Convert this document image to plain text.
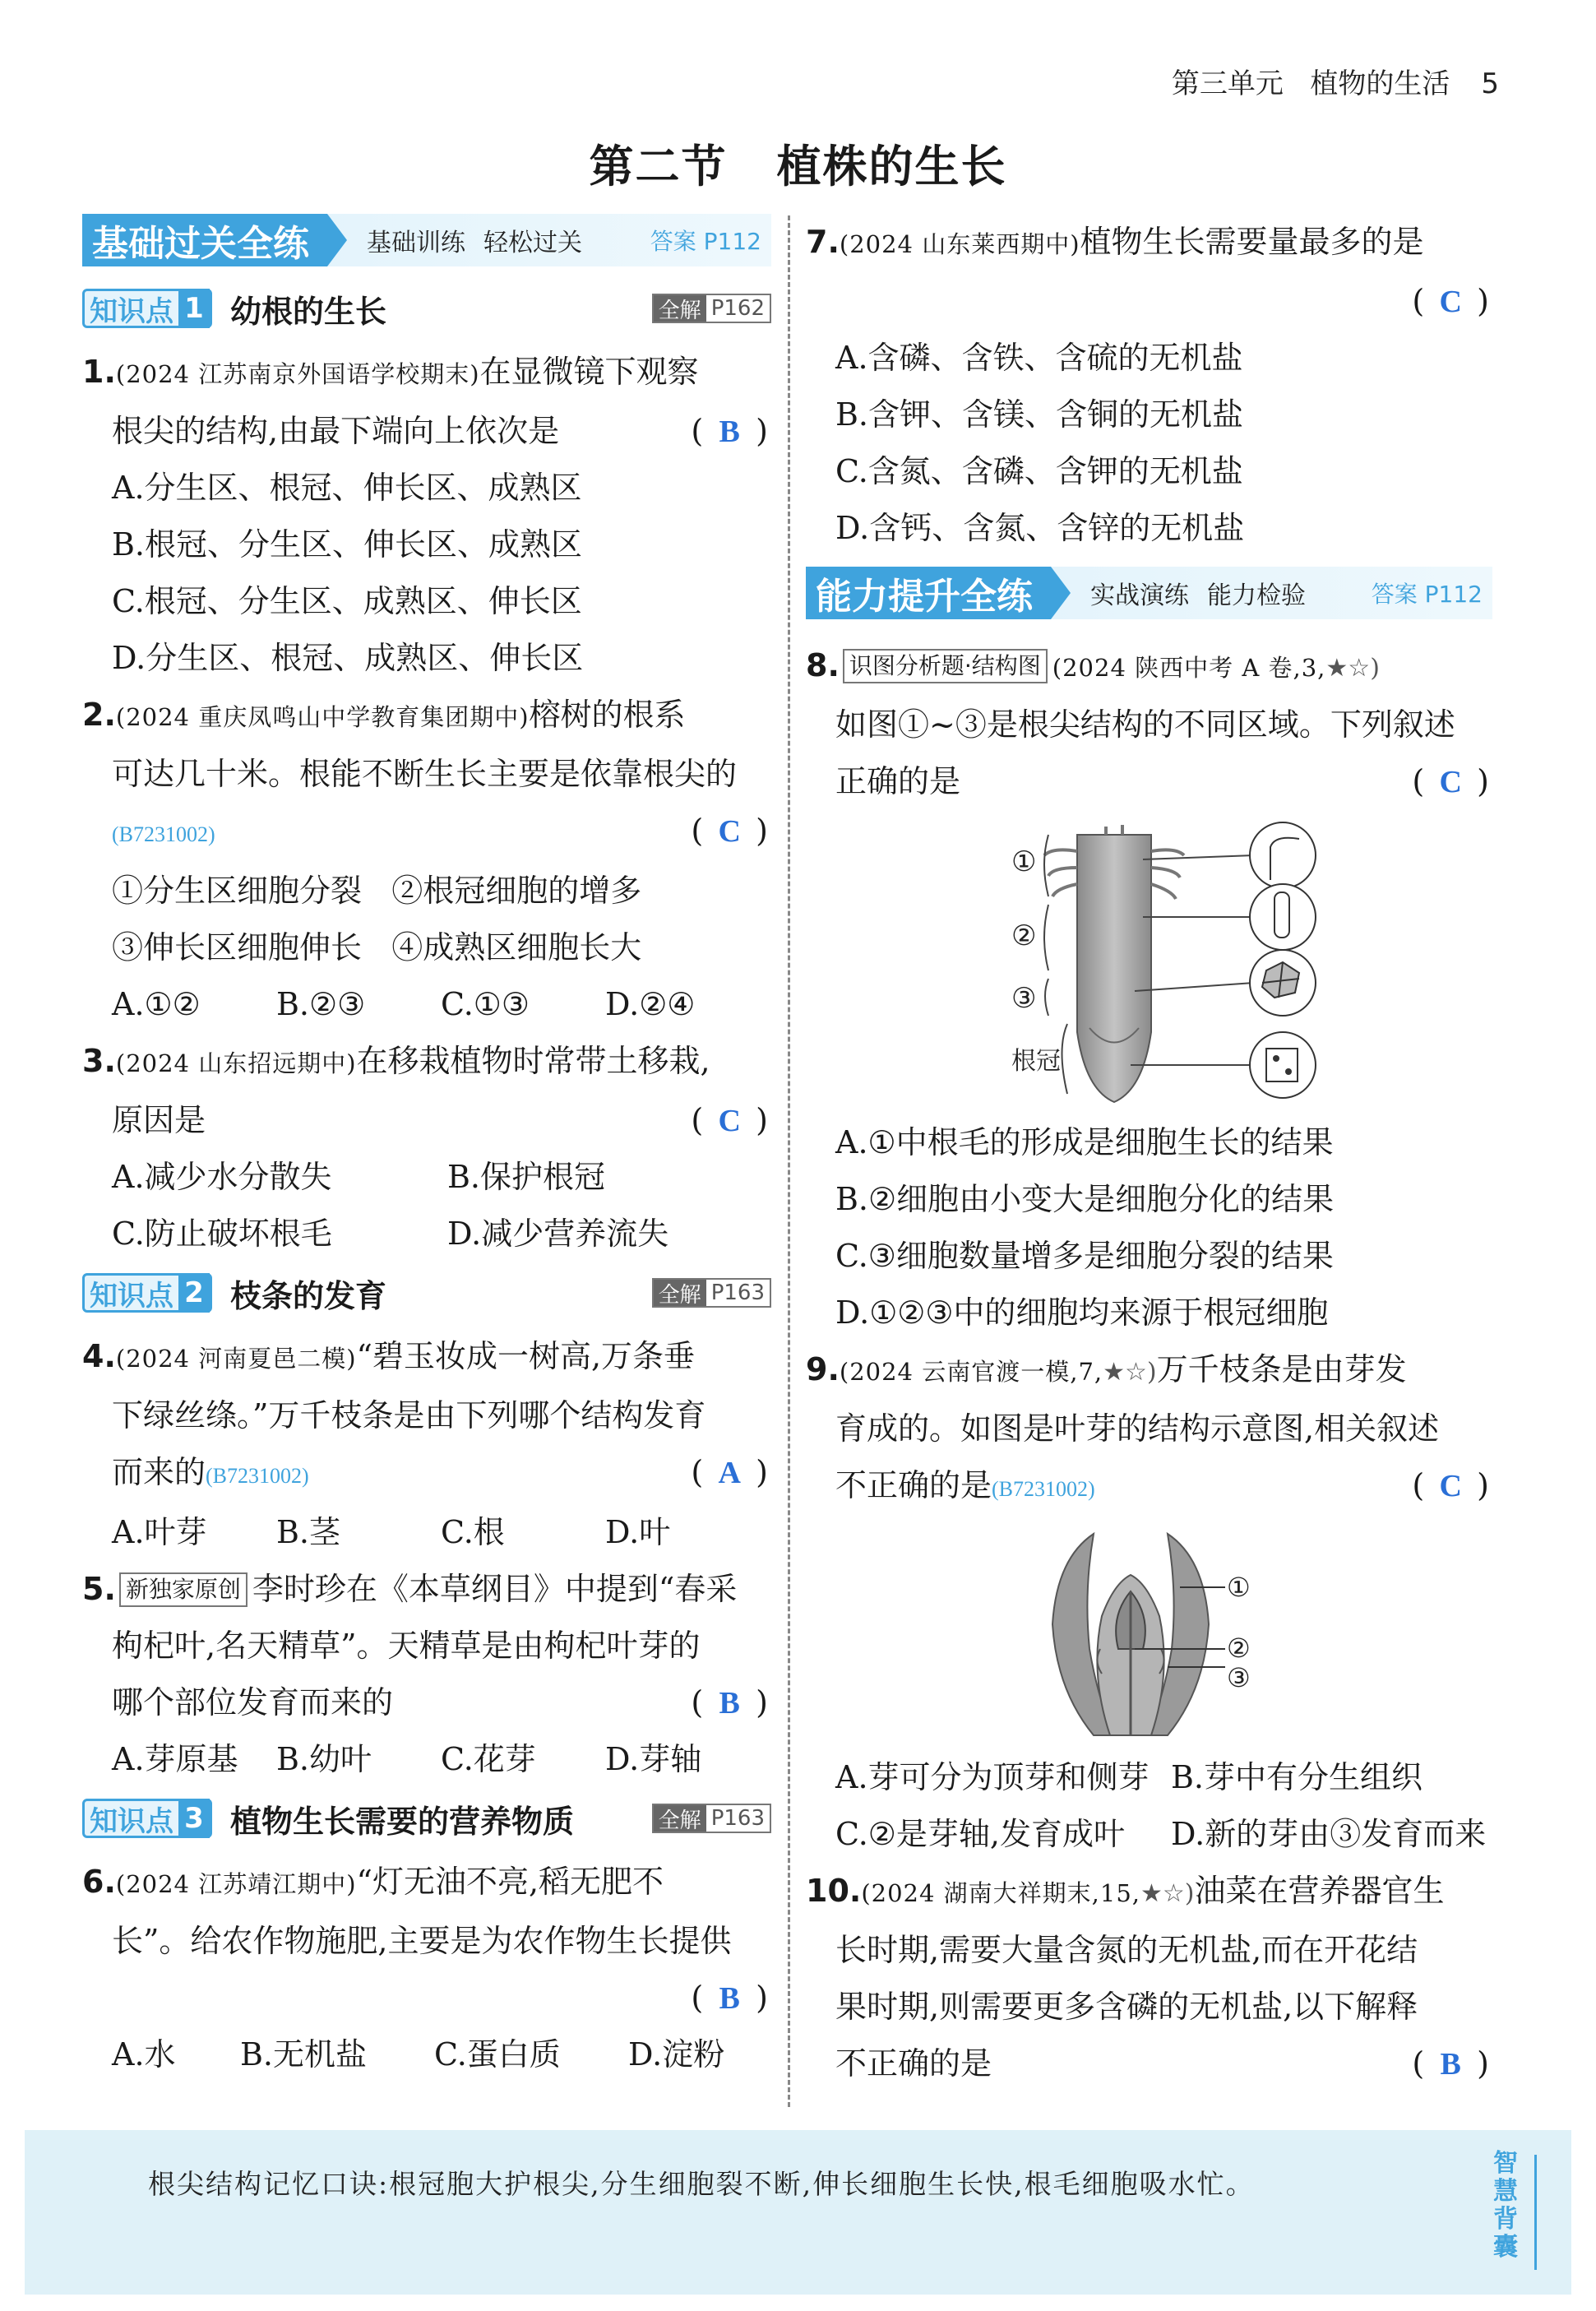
第三单元 植物的生活 5
第二节 植株的生长
基础过关全练	基础训练 轻松过关	答案 P112
知识点 1 幼根的生长	全解 P162
1.(2024 江苏南京外国语学校期末)在显微镜下观察
根尖的结构,由最下端向上依次是	( B )
A.分生区、根冠、伸长区、成熟区
B.根冠、分生区、伸长区、成熟区
C.根冠、分生区、成熟区、伸长区
D.分生区、根冠、成熟区、伸长区
2.(2024 重庆凤鸣山中学教育集团期中)榕树的根系
可达几十米。根能不断生长主要是依靠根尖的
(B7231002)	( C )
①分生区细胞分裂 ②根冠细胞的增多
③伸长区细胞伸长 ④成熟区细胞长大
A.①②	B.②③	C.①③	D.②④
3.(2024 山东招远期中)在移栽植物时常带土移栽,
原因是	( C )
A.减少水分散失	B.保护根冠
C.防止破坏根毛	D.减少营养流失
知识点 2 枝条的发育	全解 P163
4.(2024 河南夏邑二模)“碧玉妆成一树高,万条垂
下绿丝绦。”万千枝条是由下列哪个结构发育
而来的(B7231002)	( A )
A.叶芽	B.茎	C.根	D.叶
5. 新独家原创 李时珍在《本草纲目》中提到“春采
枸杞叶,名天精草”。天精草是由枸杞叶芽的
哪个部位发育而来的	( B )
A.芽原基	B.幼叶	C.花芽	D.芽轴
知识点 3 植物生长需要的营养物质	全解 P163
6.(2024 江苏靖江期中)“灯无油不亮,稻无肥不
长”。给农作物施肥,主要是为农作物生长提供
( B )

A.水	B.无机盐	C.蛋白质	D.淀粉
7.(2024 山东莱西期中)植物生长需要量最多的是
( C )

A.含磷、含铁、含硫的无机盐
B.含钾、含镁、含铜的无机盐
C.含氮、含磷、含钾的无机盐
D.含钙、含氮、含锌的无机盐
能力提升全练	实战演练 能力检验	答案 P112
8. 识图分析题·结构图 (2024 陕西中考 A 卷,3,★☆)
如图①~③是根尖结构的不同区域。下列叙述
正确的是	( C )
①
②
③
根冠
A.①中根毛的形成是细胞生长的结果
B.②细胞由小变大是细胞分化的结果
C.③细胞数量增多是细胞分裂的结果
D.①②③中的细胞均来源于根冠细胞
9.(2024 云南官渡一模,7,★☆)万千枝条是由芽发
育成的。如图是叶芽的结构示意图,相关叙述
不正确的是(B7231002)	( C )
①
②
③
A.芽可分为顶芽和侧芽 B.芽中有分生组织
C.②是芽轴,发育成叶	D.新的芽由③发育而来
10.(2024 湖南大祥期末,15,★☆)油菜在营养器官生
长时期,需要大量含氮的无机盐,而在开花结
果时期,则需要更多含磷的无机盐,以下解释
不正确的是	( B )
根尖结构记忆口诀:根冠胞大护根尖,分生细胞裂不断,伸长细胞生长快,根毛细胞吸水忙。
智慧背囊
